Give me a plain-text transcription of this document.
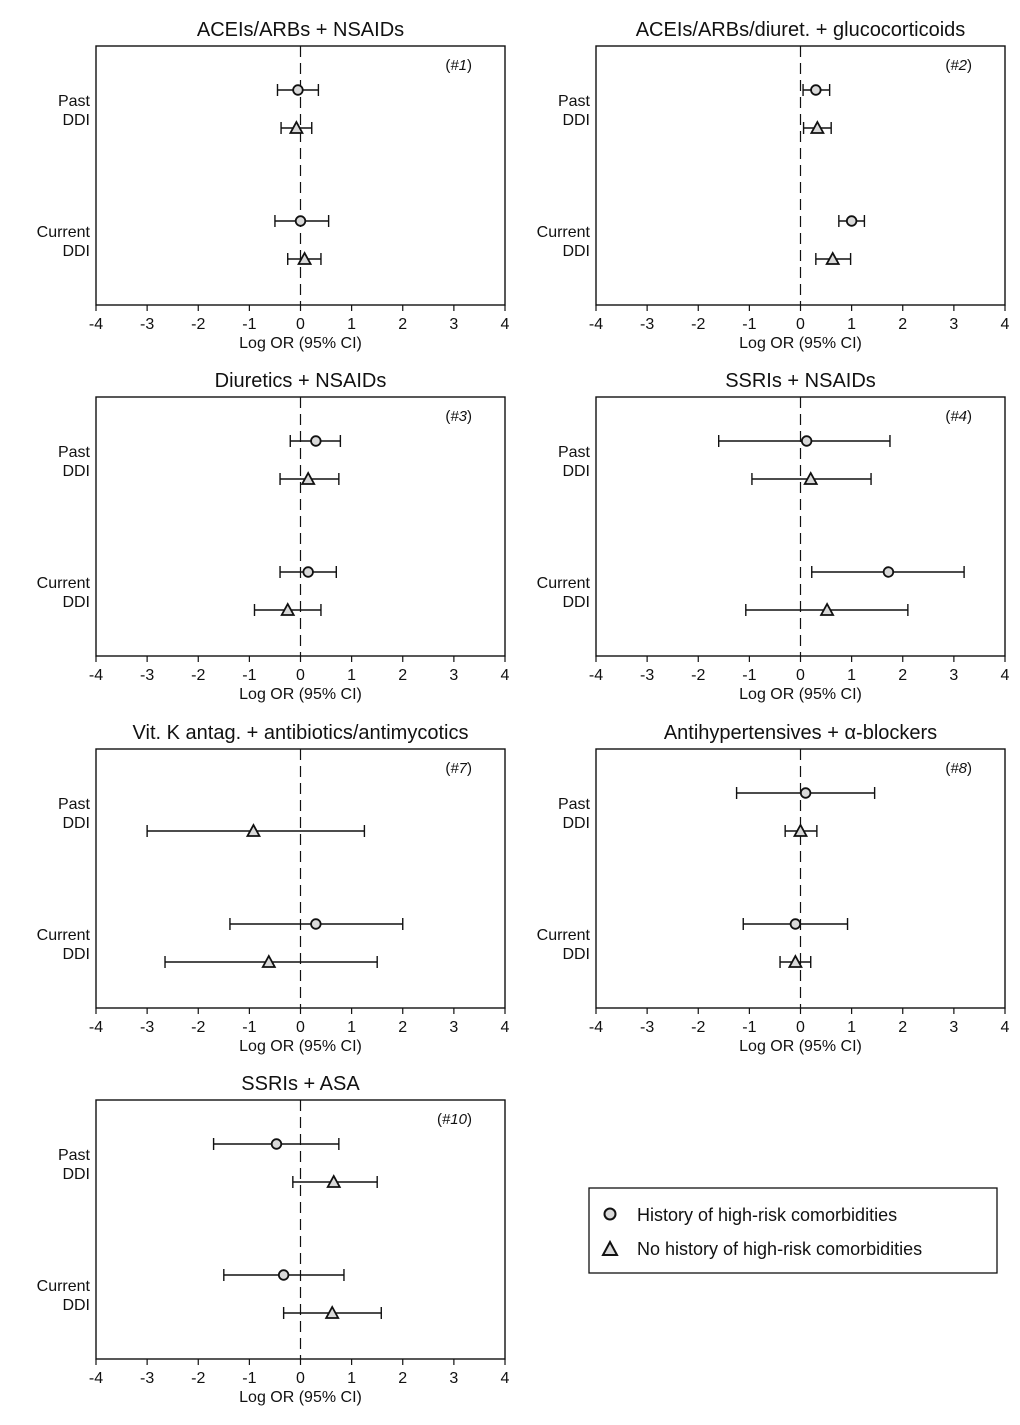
ACEIs/ARBs + NSAIDs
(#1)
-4 -3 -2 -1 0	1	2	3	4
Log OR (95% CI)
Past
DDI
Current
DDI
ACEIs/ARBs/diuret. + glucocorticoids
(#2)
-4 -3 -2 -1 0	1	2	3	4
Log OR (95% CI)
Past
DDI
Current
DDI
Diuretics + NSAIDs
(#3)
-4 -3 -2 -1 0	1	2	3	4
Log OR (95% CI)
Past
DDI
Current
DDI
SSRIs + NSAIDs
(#4)
-4 -3 -2 -1 0	1	2	3	4
Log OR (95% CI)
Past
DDI
Current
DDI
Vit. K antag. + antibiotics/antimycotics
(#7)
-4 -3 -2 -1 0	1	2	3	4
Log OR (95% CI)
Past
DDI
Current
DDI
Antihypertensives + α-blockers
(#8)
-4 -3 -2 -1 0	1	2	3	4
Log OR (95% CI)
Past
DDI
Current
DDI
SSRIs + ASA
(#10)
-4 -3 -2 -1 0	1	2	3	4
Log OR (95% CI)
Past
DDI
Current
DDI
History of high-risk comorbidities
No history of high-risk comorbidities
